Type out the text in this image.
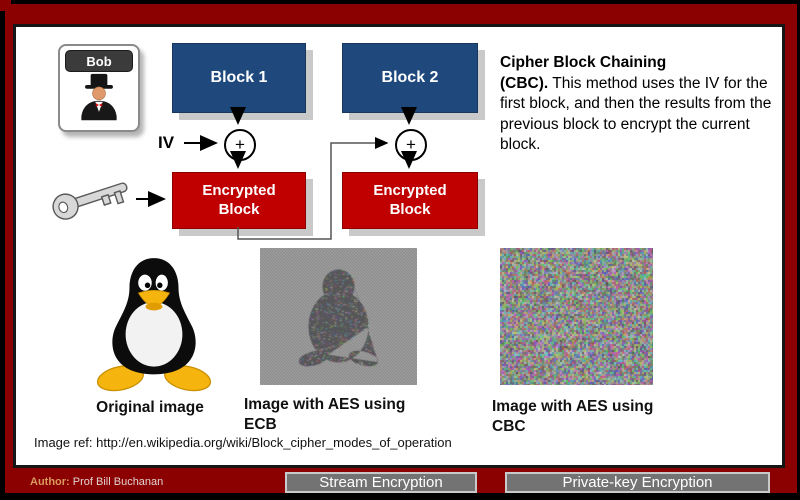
Bob
Block 1	Block 2
IV	+	+
Encrypted Block
Encrypted Block
Cipher Block Chaining
(CBC). This method uses the IV for the first block, and then the results from the previous block to encrypt the current block.
Original image	Image with AES using ECB
Image with AES using CBC
Image ref: http://en.wikipedia.org/wiki/Block_cipher_modes_of_operation
Author: Prof Bill Buchanan	Stream Encryption	Private-key Encryption
